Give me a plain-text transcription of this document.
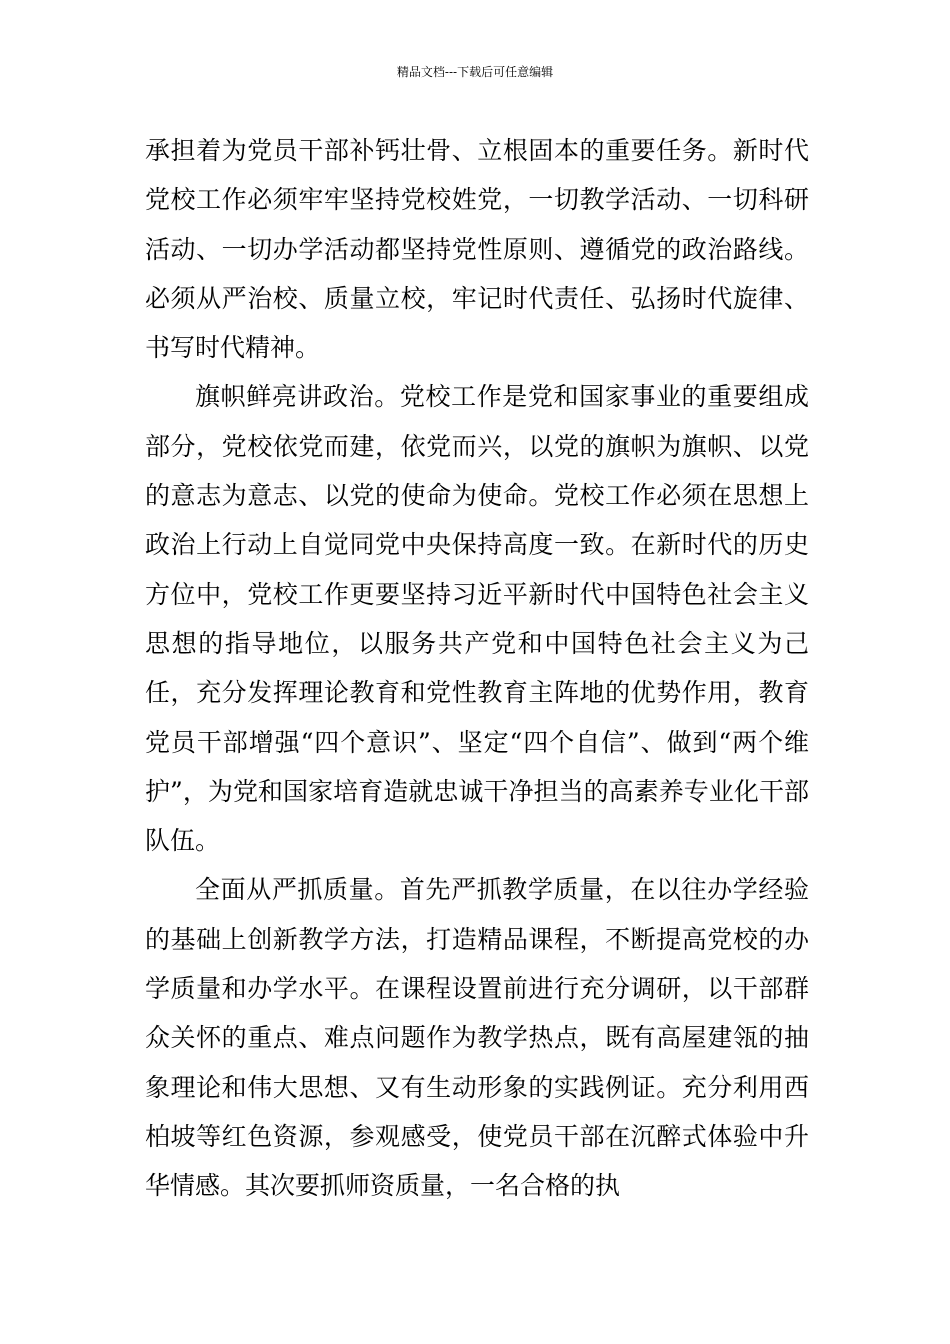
精品文档---下载后可任意编辑

承担着为党员干部补钙壮骨、立根固本的重要任务。新时代党校工作必须牢牢坚持党校姓党，一切教学活动、一切科研活动、一切办学活动都坚持党性原则、遵循党的政治路线。必须从严治校、质量立校，牢记时代责任、弘扬时代旋律、书写时代精神。

旗帜鲜亮讲政治。党校工作是党和国家事业的重要组成部分，党校依党而建，依党而兴，以党的旗帜为旗帜、以党的意志为意志、以党的使命为使命。党校工作必须在思想上政治上行动上自觉同党中央保持高度一致。在新时代的历史方位中，党校工作更要坚持习近平新时代中国特色社会主义思想的指导地位，以服务共产党和中国特色社会主义为己任，充分发挥理论教育和党性教育主阵地的优势作用，教育党员干部增强“四个意识”、坚定“四个自信”、做到“两个维护”，为党和国家培育造就忠诚干净担当的高素养专业化干部队伍。

全面从严抓质量。首先严抓教学质量，在以往办学经验的基础上创新教学方法，打造精品课程，不断提高党校的办学质量和办学水平。在课程设置前进行充分调研，以干部群众关怀的重点、难点问题作为教学热点，既有高屋建瓴的抽象理论和伟大思想、又有生动形象的实践例证。充分利用西柏坡等红色资源，参观感受，使党员干部在沉醉式体验中升华情感。其次要抓师资质量，一名合格的执
